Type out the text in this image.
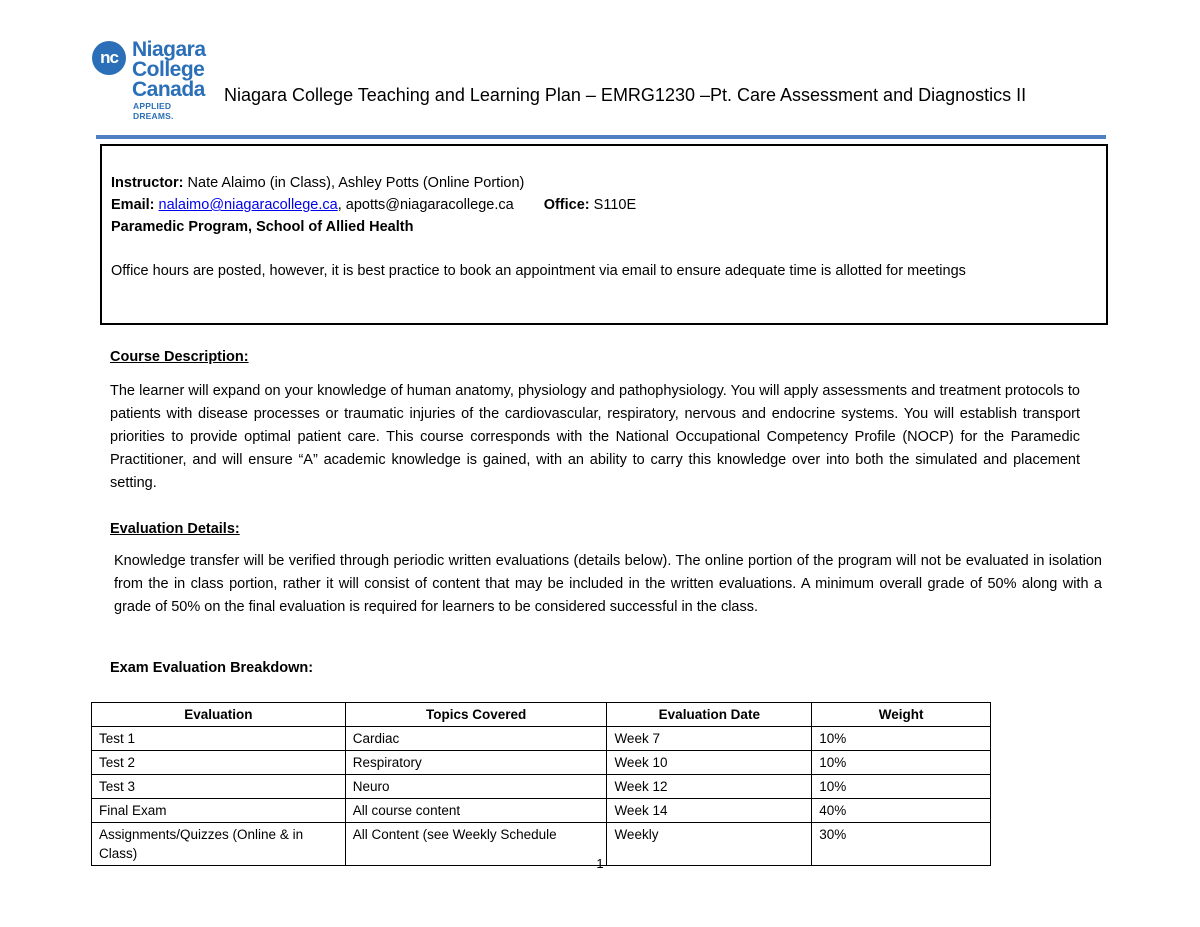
nc Niagara
College
Canada
APPLIED DREAMS.
Niagara College Teaching and Learning Plan – EMRG1230 –Pt. Care Assessment and Diagnostics II
Instructor: Nate Alaimo (in Class), Ashley Potts (Online Portion)
Email: nalaimo@niagaracollege.ca, apotts@niagaracollege.ca Office: S110E
Paramedic Program, School of Allied Health
Office hours are posted, however, it is best practice to book an appointment via email to ensure adequate time is allotted for meetings
Course Description:
The learner will expand on your knowledge of human anatomy, physiology and pathophysiology. You will apply assessments and treatment protocols to patients with disease processes or traumatic injuries of the cardiovascular, respiratory, nervous and endocrine systems. You will establish transport priorities to provide optimal patient care. This course corresponds with the National Occupational Competency Profile (NOCP) for the Paramedic Practitioner, and will ensure “A” academic knowledge is gained, with an ability to carry this knowledge over into both the simulated and placement setting.
Evaluation Details:
Knowledge transfer will be verified through periodic written evaluations (details below). The online portion of the program will not be evaluated in isolation from the in class portion, rather it will consist of content that may be included in the written evaluations. A minimum overall grade of 50% along with a grade of 50% on the final evaluation is required for learners to be considered successful in the class.
Exam Evaluation Breakdown:
Evaluation	Topics Covered	Evaluation Date	Weight
Test 1	Cardiac	Week 7	10%
Test 2	Respiratory	Week 10	10%
Test 3	Neuro	Week 12	10%
Final Exam	All course content	Week 14	40%
Assignments/Quizzes (Online & in Class)	All Content (see Weekly Schedule	Weekly	30%
1
